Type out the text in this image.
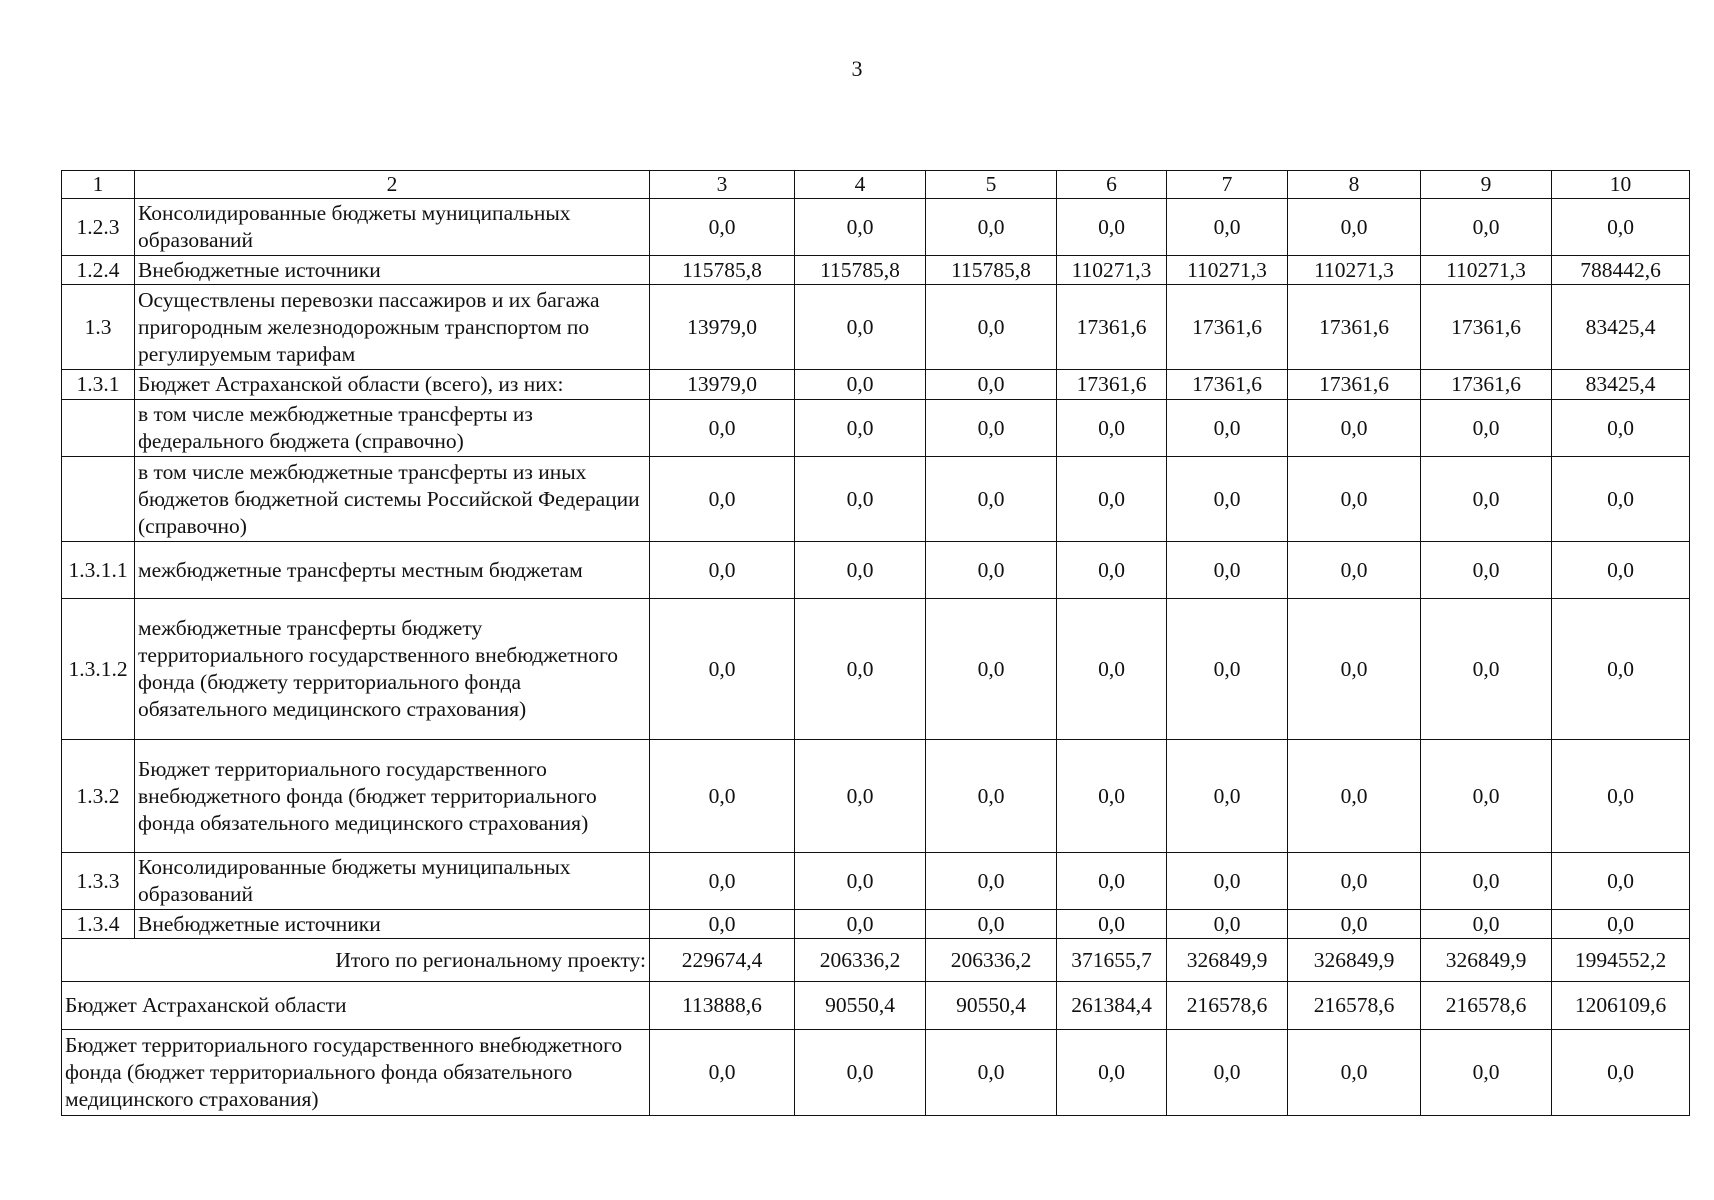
3
1	2	3	4	5	6	7	8	9	10
1.2.3	Консолидированные бюджеты муниципальных образований	0,0	0,0	0,0	0,0	0,0	0,0	0,0	0,0
1.2.4	Внебюджетные источники	115785,8	115785,8	115785,8	110271,3	110271,3	110271,3	110271,3	788442,6
1.3	Осуществлены перевозки пассажиров и их багажа пригородным железнодорожным транспортом по регулируемым тарифам	13979,0	0,0	0,0	17361,6	17361,6	17361,6	17361,6	83425,4
1.3.1	Бюджет Астраханской области (всего), из них:	13979,0	0,0	0,0	17361,6	17361,6	17361,6	17361,6	83425,4
	в том числе межбюджетные трансферты из федерального бюджета (справочно)	0,0	0,0	0,0	0,0	0,0	0,0	0,0	0,0
	в том числе межбюджетные трансферты из иных бюджетов бюджетной системы Российской Федерации (справочно)	0,0	0,0	0,0	0,0	0,0	0,0	0,0	0,0
1.3.1.1	межбюджетные трансферты местным бюджетам	0,0	0,0	0,0	0,0	0,0	0,0	0,0	0,0
1.3.1.2	межбюджетные трансферты бюджету территориального государственного внебюджетного фонда (бюджету территориального фонда обязательного медицинского страхования)	0,0	0,0	0,0	0,0	0,0	0,0	0,0	0,0
1.3.2	Бюджет территориального государственного внебюджетного фонда (бюджет территориального фонда обязательного медицинского страхования)	0,0	0,0	0,0	0,0	0,0	0,0	0,0	0,0
1.3.3	Консолидированные бюджеты муниципальных образований	0,0	0,0	0,0	0,0	0,0	0,0	0,0	0,0
1.3.4	Внебюджетные источники	0,0	0,0	0,0	0,0	0,0	0,0	0,0	0,0
Итого по региональному проекту:		229674,4	206336,2	206336,2	371655,7	326849,9	326849,9	326849,9	1994552,2
Бюджет Астраханской области		113888,6	90550,4	90550,4	261384,4	216578,6	216578,6	216578,6	1206109,6
Бюджет территориального государственного внебюджетного фонда (бюджет территориального фонда обязательного медицинского страхования)		0,0	0,0	0,0	0,0	0,0	0,0	0,0	0,0
